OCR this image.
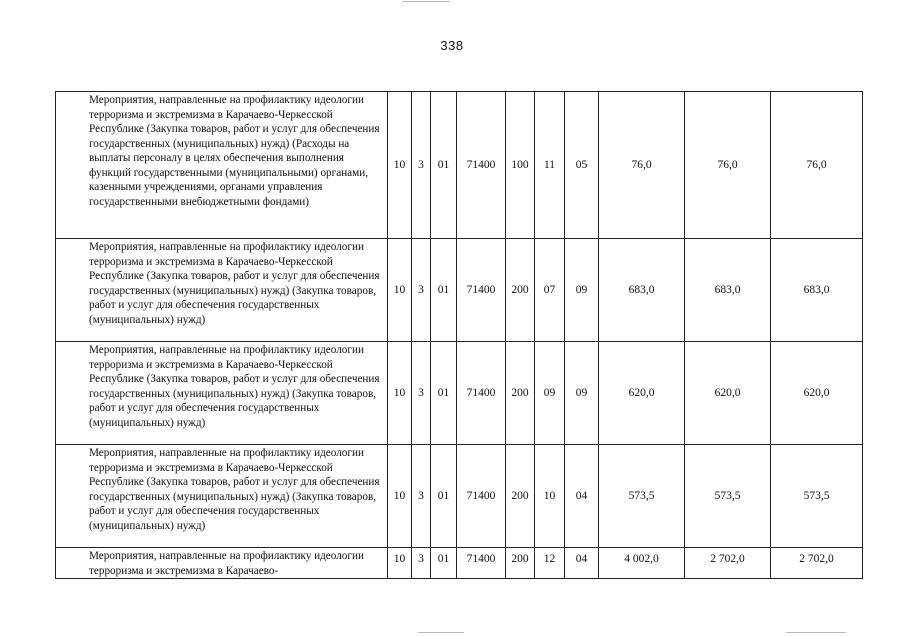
338
Мероприятия, направленные на профилактику идеологии терроризма и экстремизма в Карачаево-Черкесской Республике (Закупка товаров, работ и услуг для обеспечения государственных (муниципальных) нужд) (Расходы на выплаты персоналу в целях обеспечения выполнения функций государственными (муниципальными) органами, казенными учреждениями, органами управления государственными внебюджетными фондами)	10	3	01	71400	100	11	05	76,0	76,0	76,0
Мероприятия, направленные на профилактику идеологии терроризма и экстремизма в Карачаево-Черкесской Республике (Закупка товаров, работ и услуг для обеспечения государственных (муниципальных) нужд) (Закупка товаров, работ и услуг для обеспечения государственных (муниципальных) нужд)	10	3	01	71400	200	07	09	683,0	683,0	683,0
Мероприятия, направленные на профилактику идеологии терроризма и экстремизма в Карачаево-Черкесской Республике (Закупка товаров, работ и услуг для обеспечения государственных (муниципальных) нужд) (Закупка товаров, работ и услуг для обеспечения государственных (муниципальных) нужд)	10	3	01	71400	200	09	09	620,0	620,0	620,0
Мероприятия, направленные на профилактику идеологии терроризма и экстремизма в Карачаево-Черкесской Республике (Закупка товаров, работ и услуг для обеспечения государственных (муниципальных) нужд) (Закупка товаров, работ и услуг для обеспечения государственных (муниципальных) нужд)	10	3	01	71400	200	10	04	573,5	573,5	573,5
Мероприятия, направленные на профилактику идеологии терроризма и экстремизма в Карачаево-	10	3	01	71400	200	12	04	4 002,0	2 702,0	2 702,0
